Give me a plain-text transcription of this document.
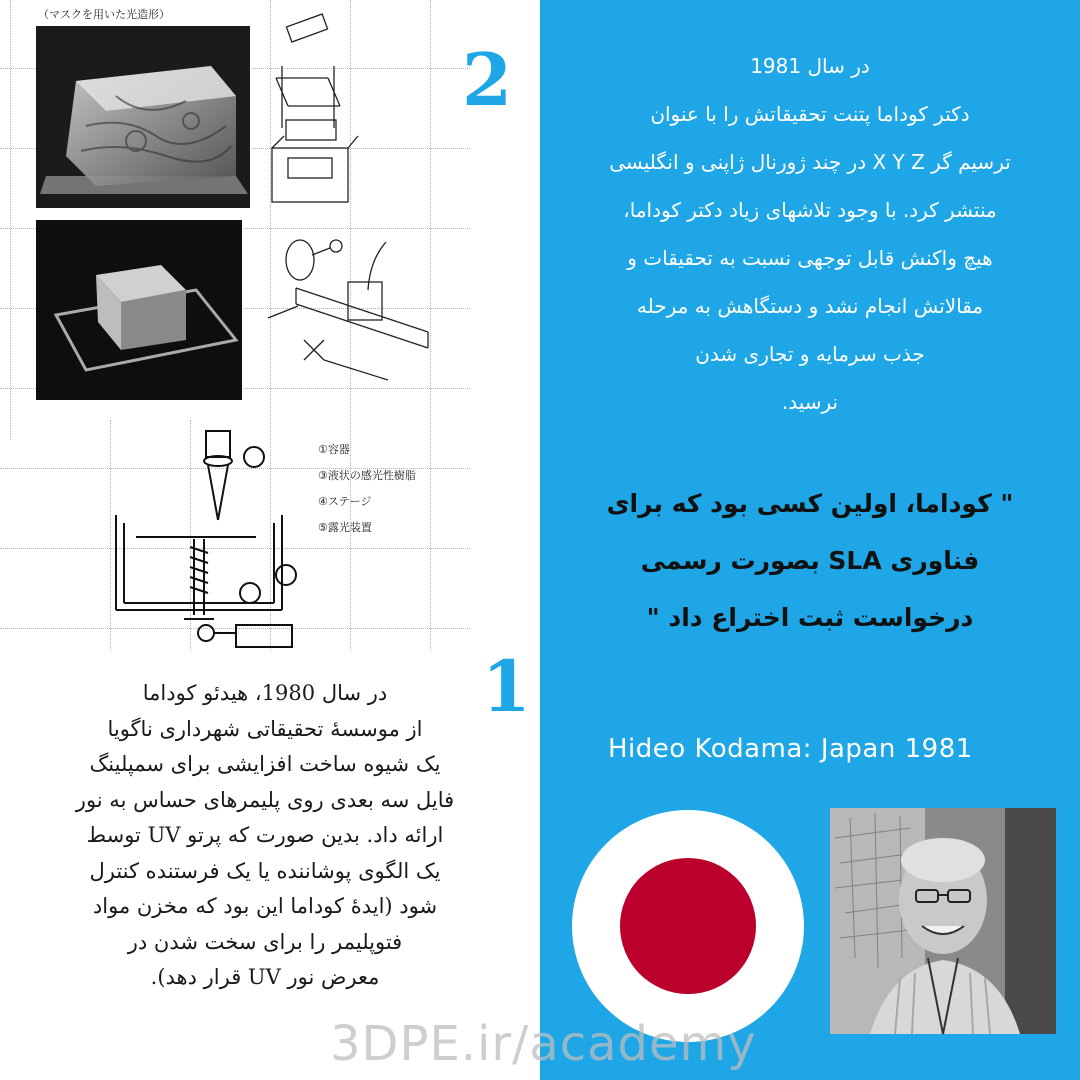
（マスクを用いた光造形）
①容器
③液状の感光性樹脂
④ステージ
⑤露光装置
1
در سال 1980، هیدئو کوداما
از موسسهٔ تحقیقاتی شهرداری ناگویا
یک شیوه ساخت افزایشی برای سمپلینگ
فایل سه بعدی روی پلیمرهای حساس به نور
ارائه داد. بدین صورت که پرتو UV توسط
یک الگوی پوشاننده یا یک فرستنده کنترل
شود (ایدهٔ کوداما این بود که مخزن مواد
فتوپلیمر را برای سخت شدن در
معرض نور UV قرار دهد).
در سال 1981
دکتر کوداما پتنت تحقیقاتش را با عنوان
ترسیم گر X Y Z در چند ژورنال ژاپنی و انگلیسی
منتشر کرد. با وجود تلاشهای زیاد دکتر کوداما،
هیچ واکنش قابل توجهی نسبت به تحقیقات و
مقالاتش انجام نشد و دستگاهش به مرحله
جذب سرمایه و تجاری شدن
نرسید.
" کوداما، اولین کسی بود که برای
فناوری SLA بصورت رسمی
درخواست ثبت اختراع داد "
Hideo Kodama: Japan 1981
2
3DPE.ir/academy
